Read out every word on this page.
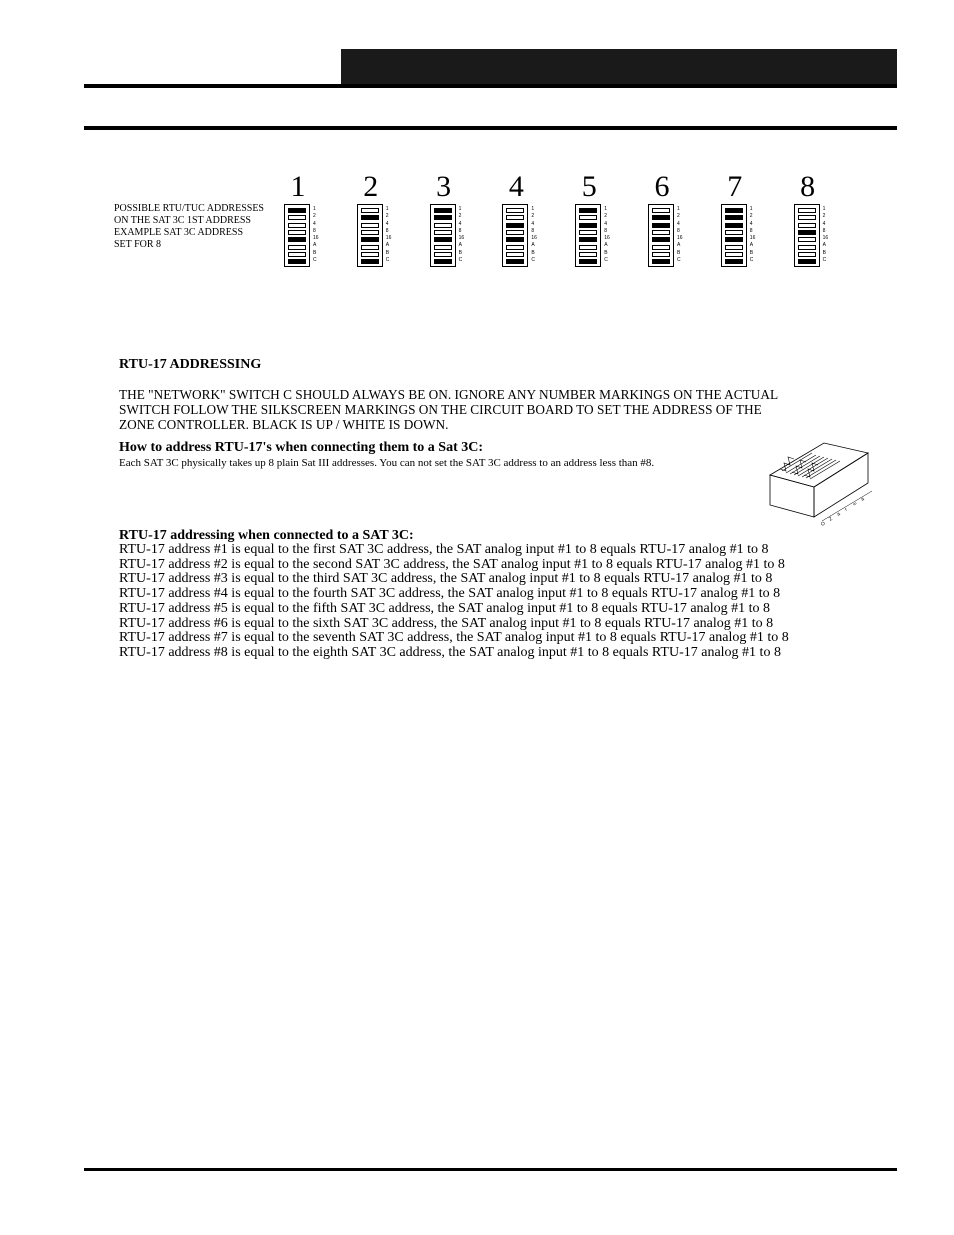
POSSIBLE RTU/TUC ADDRESSES
ON THE SAT 3C 1ST ADDRESS
EXAMPLE SAT 3C ADDRESS
SET FOR 8
1
1
2
4
8
16
A
B
C
2
1
2
4
8
16
A
B
C
3
1
2
4
8
16
A
B
C
4
1
2
4
8
16
A
B
C
5
1
2
4
8
16
A
B
C
6
1
2
4
8
16
A
B
C
7
1
2
4
8
16
A
B
C
8
1
2
4
8
16
A
B
C
RTU-17 ADDRESSING
THE "NETWORK" SWITCH C SHOULD ALWAYS BE ON. IGNORE ANY NUMBER MARKINGS ON THE ACTUAL
SWITCH FOLLOW THE SILKSCREEN MARKINGS ON THE CIRCUIT BOARD TO SET THE ADDRESS OF THE
ZONE CONTROLLER. BLACK IS UP / WHITE IS DOWN.
How to address RTU-17's when connecting them to a Sat 3C:
Each SAT 3C physically takes up 8 plain Sat III addresses. You can not set the SAT 3C address to an address less than #8.
O
Z
a
r
∞
a
RTU-17 addressing when connected to a SAT 3C:
RTU-17 address #1 is equal to the first SAT 3C address, the SAT analog input #1 to 8 equals RTU-17 analog #1 to 8
RTU-17 address #2 is equal to the second SAT 3C address, the SAT analog input #1 to 8 equals RTU-17 analog #1 to 8
RTU-17 address #3 is equal to the third SAT 3C address, the SAT analog input #1 to 8 equals RTU-17 analog #1 to 8
RTU-17 address #4 is equal to the fourth SAT 3C address, the SAT analog input #1 to 8 equals RTU-17 analog #1 to 8
RTU-17 address #5 is equal to the fifth SAT 3C address, the SAT analog input #1 to 8 equals RTU-17 analog #1 to 8
RTU-17 address #6 is equal to the sixth SAT 3C address, the SAT analog input #1 to 8 equals RTU-17 analog #1 to 8
RTU-17 address #7 is equal to the seventh SAT 3C address, the SAT analog input #1 to 8 equals RTU-17 analog #1 to 8
RTU-17 address #8 is equal to the eighth SAT 3C address, the SAT analog input #1 to 8 equals RTU-17 analog #1 to 8
